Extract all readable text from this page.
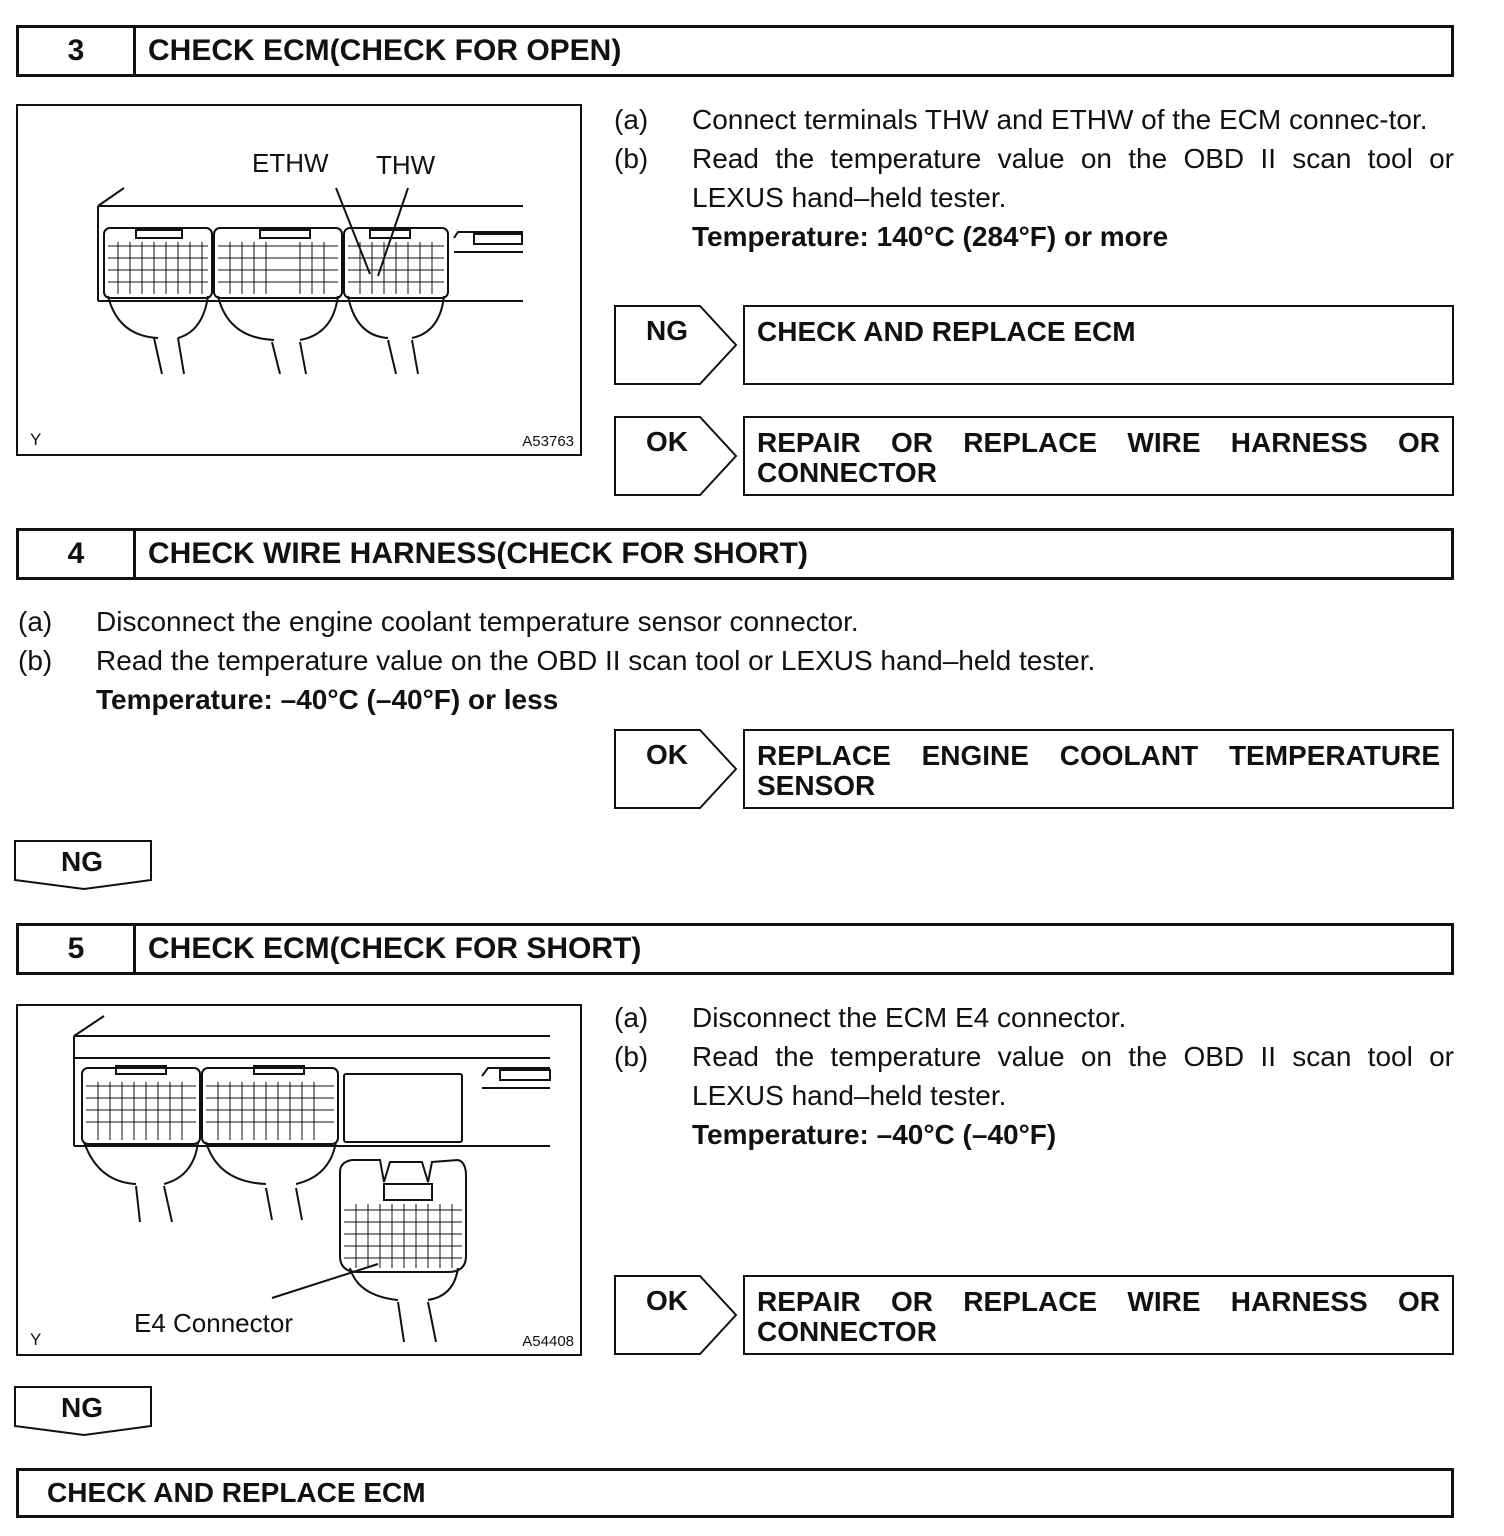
3	CHECK ECM(CHECK FOR OPEN)
ETHW THW
Y	A53763
(a)	Connect terminals THW and ETHW of the ECM connec-tor.
(b)	Read the temperature value on the OBD II scan tool or LEXUS hand–held tester.
Temperature: 140°C (284°F) or more
NG	CHECK AND REPLACE ECM
OK	REPAIR OR REPLACE WIRE HARNESS OR CONNECTOR
4	CHECK WIRE HARNESS(CHECK FOR SHORT)
(a)	Disconnect the engine coolant temperature sensor connector.
(b)	Read the temperature value on the OBD II scan tool or LEXUS hand–held tester.
Temperature: –40°C (–40°F) or less
OK	REPLACE ENGINE COOLANT TEMPERATURE SENSOR
NG
5	CHECK ECM(CHECK FOR SHORT)
E4 Connector
Y	A54408
(a)	Disconnect the ECM E4 connector.
(b)	Read the temperature value on the OBD II scan tool or LEXUS hand–held tester.
Temperature: –40°C (–40°F)
OK	REPAIR OR REPLACE WIRE HARNESS OR CONNECTOR
NG
CHECK AND REPLACE ECM
